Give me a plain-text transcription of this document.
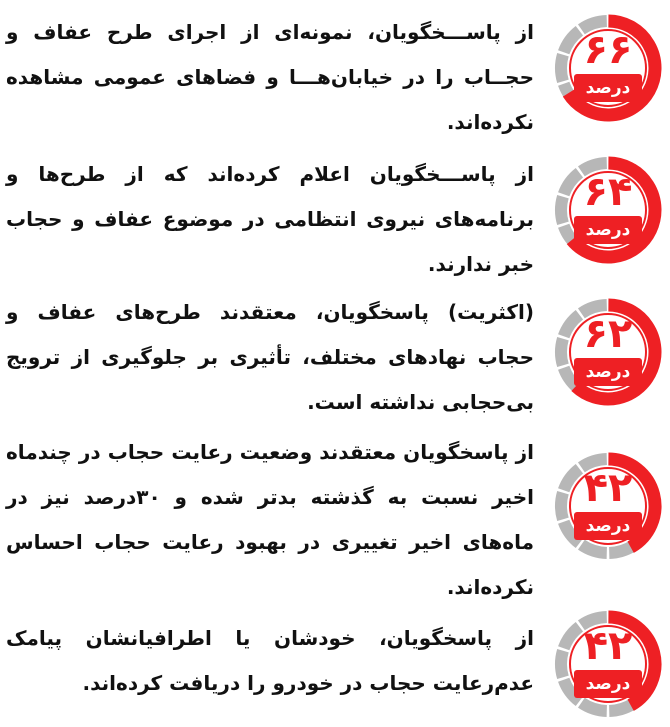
۶۶
درصد
از پاســـخگویان، نمونه‌ای از اجرای طرح عفاف و حجــاب را در خیابان‌هـــا و فضاهای عمومی مشاهده نکرده‌اند.
۶۴
درصد
از پاســـخگویان اعلام کرده‌اند که از طرح‌ها و برنامه‌های نیروی انتظامی در موضوع عفاف و حجاب خبر ندارند.
۶۲
درصد
(اکثریت) پاسخگویان، معتقدند طرح‌های عفاف و حجاب نهادهای مختلف، تأثیری بر جلوگیری از ترویج بی‌حجابی نداشته است.
۴۲
درصد
از پاسخگویان معتقدند وضعیت رعایت حجاب در چندماه اخیر نسبت به گذشته بدتر شده و ۳۰درصد نیز در ماه‌های اخیر تغییری در بهبود رعایت حجاب احساس نکرده‌اند.
۴۲
درصد
از پاسخگویان، خودشان یا اطرافیانشان پیامک عدم‌رعایت حجاب در خودرو را دریافت کرده‌اند.
